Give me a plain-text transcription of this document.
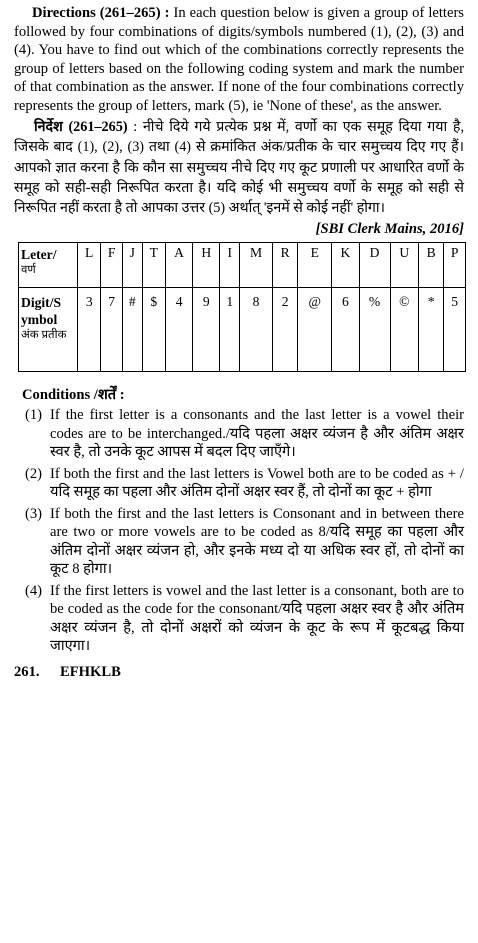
Directions (261–265) : In each question below is given a group of letters followed by four combinations of digits/symbols numbered (1), (2), (3) and (4). You have to find out which of the combinations correctly represents the group of letters based on the following coding system and mark the number of that combination as the answer. If none of the four combinations correctly represents the group of letters, mark (5), ie 'None of these', as the answer.

निर्देश (261–265) : नीचे दिये गये प्रत्येक प्रश्न में, वर्णो का एक समूह दिया गया है, जिसके बाद (1), (2), (3) तथा (4) से क्रमांकित अंक/प्रतीक के चार समुच्चय दिए गए हैं। आपको ज्ञात करना है कि कौन सा समुच्चय नीचे दिए गए कूट प्रणाली पर आधारित वर्णो के समूह को सही-सही निरूपित करता है। यदि कोई भी समुच्चय वर्णो के समूह को सही से निरूपित नहीं करता है तो आपका उत्तर (5) अर्थात् 'इनमें से कोई नहीं' होगा।

[SBI Clerk Mains, 2016]
Leter/
वर्ण	L	F	J	T	A	H	I	M	R	E	K	D	U	B	P
Digit/S ymbol
अंक प्रतीक	3	7	#	$	4	9	1	8	2	@	6	%	©	*	5
Conditions /शर्तें :
(1) If the first letter is a consonants and the last letter is a vowel their codes are to be interchanged./यदि पहला अक्षर व्यंजन है और अंतिम अक्षर स्वर है, तो उनके कूट आपस में बदल दिए जाएँगे।
(2) If both the first and the last letters is Vowel both are to be coded as + /यदि समूह का पहला और अंतिम दोनों अक्षर स्वर हैं, तो दोनों का कूट + होगा
(3) If both the first and the last letters is Consonant and in between there are two or more vowels are to be coded as 8/यदि समूह का पहला और अंतिम दोनों अक्षर व्यंजन हो, और इनके मध्य दो या अधिक स्वर हों, तो दोनों का कूट 8 होगा।
(4) If the first letters is vowel and the last letter is a consonant, both are to be coded as the code for the consonant/यदि पहला अक्षर स्वर है और अंतिम अक्षर व्यंजन है, तो दोनों अक्षरों को व्यंजन के कूट के रूप में कूटबद्ध किया जाएगा।
261.	EFHKLB
